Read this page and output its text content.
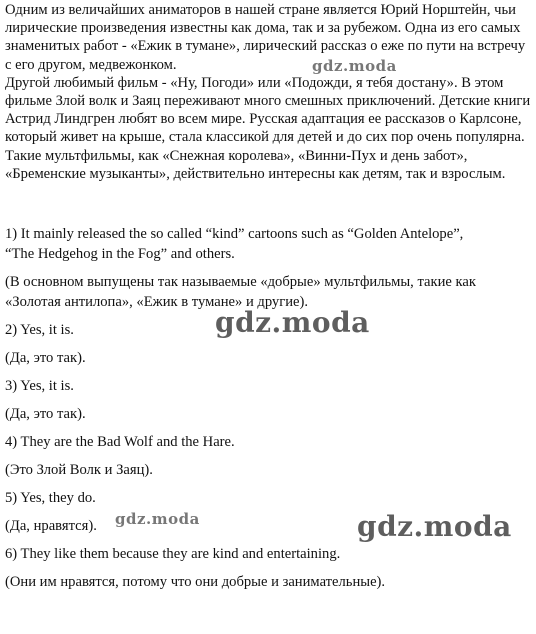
Одним из величайших аниматоров в нашей стране является Юрий Норштейн, чьи лирические произведения известны как дома, так и за рубежом. Одна из его самых знаменитых работ - «Ежик в тумане», лирический рассказ о еже по пути на встречу с его другом, медвежонком.

Другой любимый фильм - «Ну, Погоди» или «Подожди, я тебя достану». В этом фильме Злой волк и Заяц переживают много смешных приключений. Детские книги Астрид Линдгрен любят во всем мире. Русская адаптация ее рассказов о Карлсоне, который живет на крыше, стала классикой для детей и до сих пор очень популярна.

Такие мультфильмы, как «Снежная королева», «Винни-Пух и день забот», «Бременские музыканты», действительно интересны как детям, так и взрослым.

1) It mainly released the so called “kind” cartoons such as “Golden Antelope”,

“The Hedgehog in the Fog” and others.

(В основном выпущены так называемые «добрые» мультфильмы, такие как

«Золотая антилопа», «Ежик в тумане» и другие).

2) Yes, it is.

(Да, это так).

3) Yes, it is.

(Да, это так).

4) They are the Bad Wolf and the Hare.

(Это Злой Волк и Заяц).

5) Yes, they do.

(Да, нравятся).

6) They like them because they are kind and entertaining.

(Они им нравятся, потому что они добрые и занимательные).

gdz.moda
gdz.moda
gdz.moda	gdz.moda
